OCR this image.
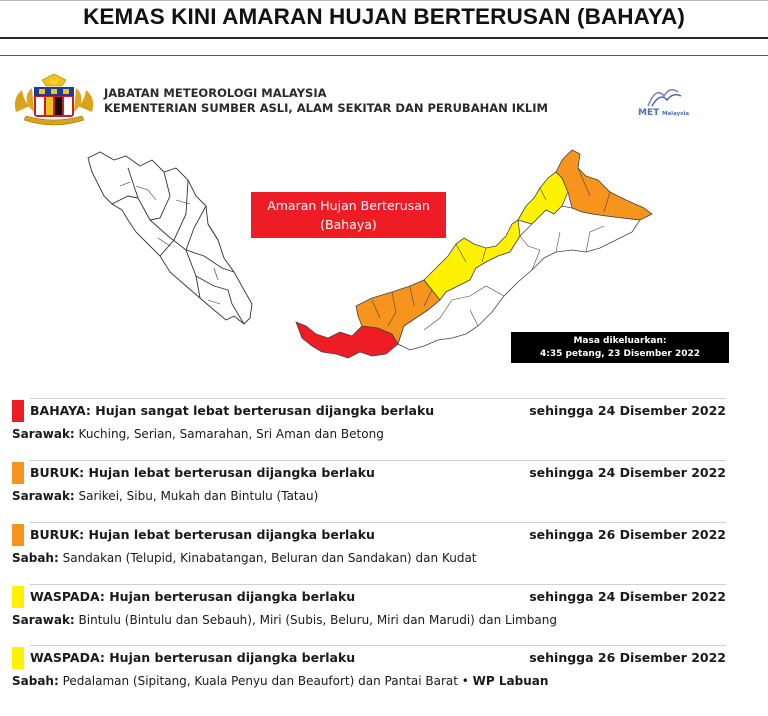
KEMAS KINI AMARAN HUJAN BERTERUSAN (BAHAYA)
JABATAN METEOROLOGI MALAYSIA
KEMENTERIAN SUMBER ASLI, ALAM SEKITAR DAN PERUBAHAN IKLIM	MET Malaysia
Amaran Hujan Berterusan
(Bahaya)
Masa dikeluarkan:
4:35 petang, 23 Disember 2022
BAHAYA: Hujan sangat lebat berterusan dijangka berlaku	sehingga 24 Disember 2022
Sarawak: Kuching, Serian, Samarahan, Sri Aman dan Betong
BURUK: Hujan lebat berterusan dijangka berlaku	sehingga 24 Disember 2022
Sarawak: Sarikei, Sibu, Mukah dan Bintulu (Tatau)
BURUK: Hujan lebat berterusan dijangka berlaku	sehingga 26 Disember 2022
Sabah: Sandakan (Telupid, Kinabatangan, Beluran dan Sandakan) dan Kudat
WASPADA: Hujan berterusan dijangka berlaku	sehingga 24 Disember 2022
Sarawak: Bintulu (Bintulu dan Sebauh), Miri (Subis, Beluru, Miri dan Marudi) dan Limbang
WASPADA: Hujan berterusan dijangka berlaku	sehingga 26 Disember 2022
Sabah: Pedalaman (Sipitang, Kuala Penyu dan Beaufort) dan Pantai Barat • WP Labuan
